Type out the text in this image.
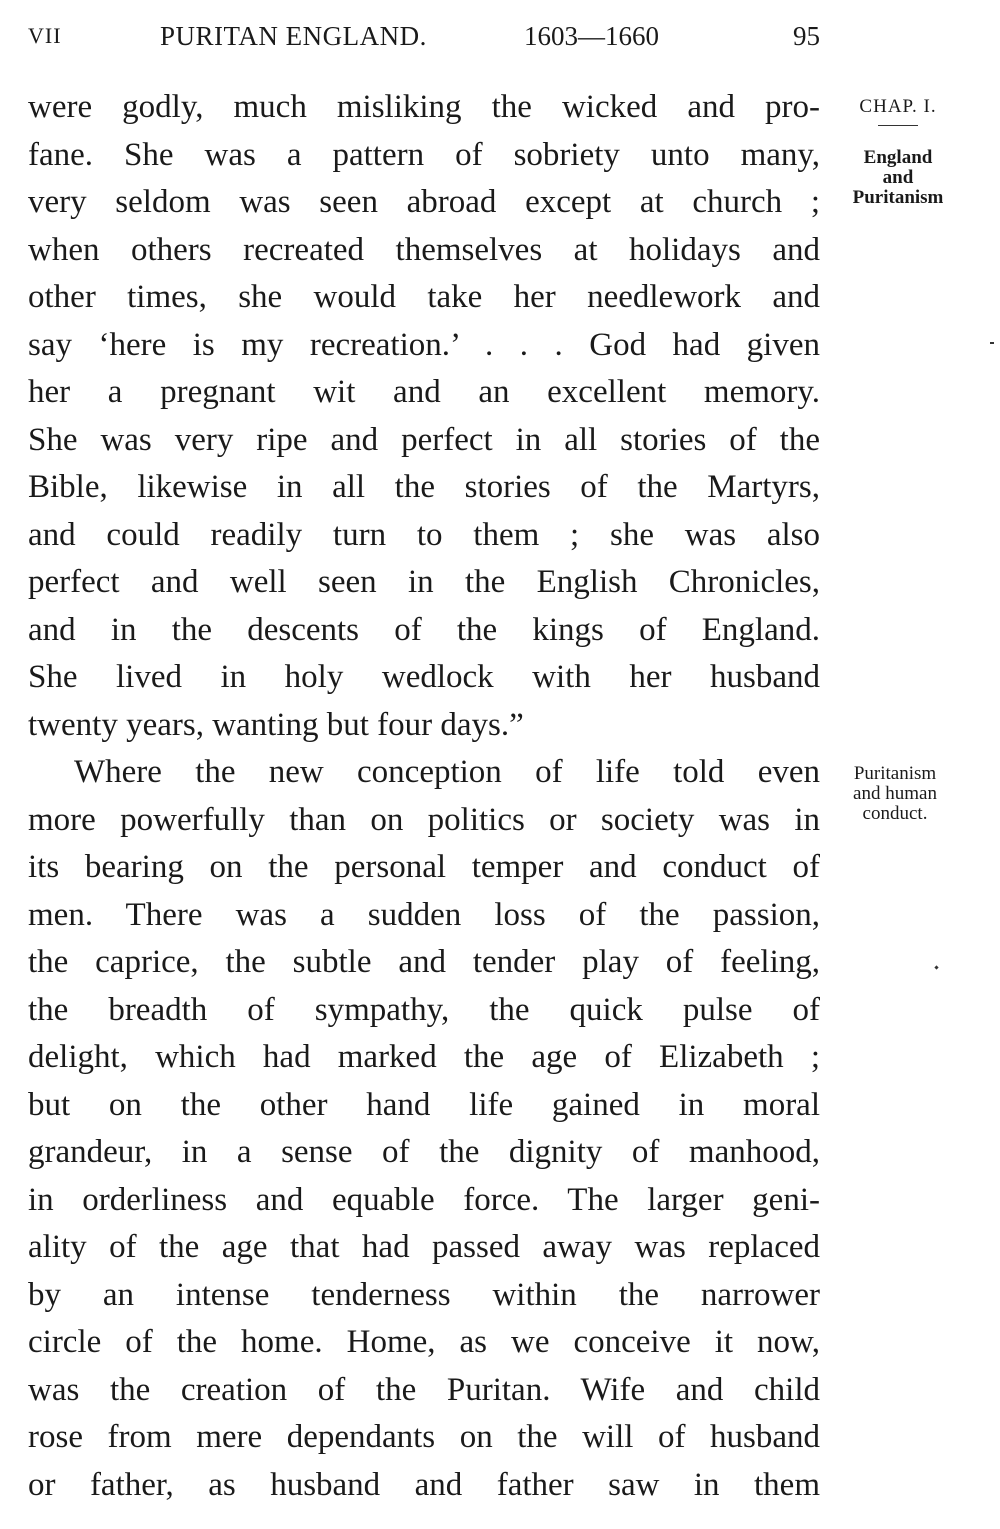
VII	PURITAN ENGLAND.	1603—1660	95
CHAP. I.
England
and
Puritanism
Puritanism
and human
conduct.
were godly, much misliking the wicked and pro-
fane. She was a pattern of sobriety unto many,
very seldom was seen abroad except at church ;
when others recreated themselves at holidays and
other times, she would take her needlework and
say ‘here is my recreation.’ . . . God had given
her a pregnant wit and an excellent memory.
She was very ripe and perfect in all stories of the
Bible, likewise in all the stories of the Martyrs,
and could readily turn to them ; she was also
perfect and well seen in the English Chronicles,
and in the descents of the kings of England.
She lived in holy wedlock with her husband
twenty years, wanting but four days.”
Where the new conception of life told even
more powerfully than on politics or society was in
its bearing on the personal temper and conduct of
men. There was a sudden loss of the passion,
the caprice, the subtle and tender play of feeling,
the breadth of sympathy, the quick pulse of
delight, which had marked the age of Elizabeth ;
but on the other hand life gained in moral
grandeur, in a sense of the dignity of manhood,
in orderliness and equable force. The larger geni-
ality of the age that had passed away was replaced
by an intense tenderness within the narrower
circle of the home. Home, as we conceive it now,
was the creation of the Puritan. Wife and child
rose from mere dependants on the will of husband
or father, as husband and father saw in them
